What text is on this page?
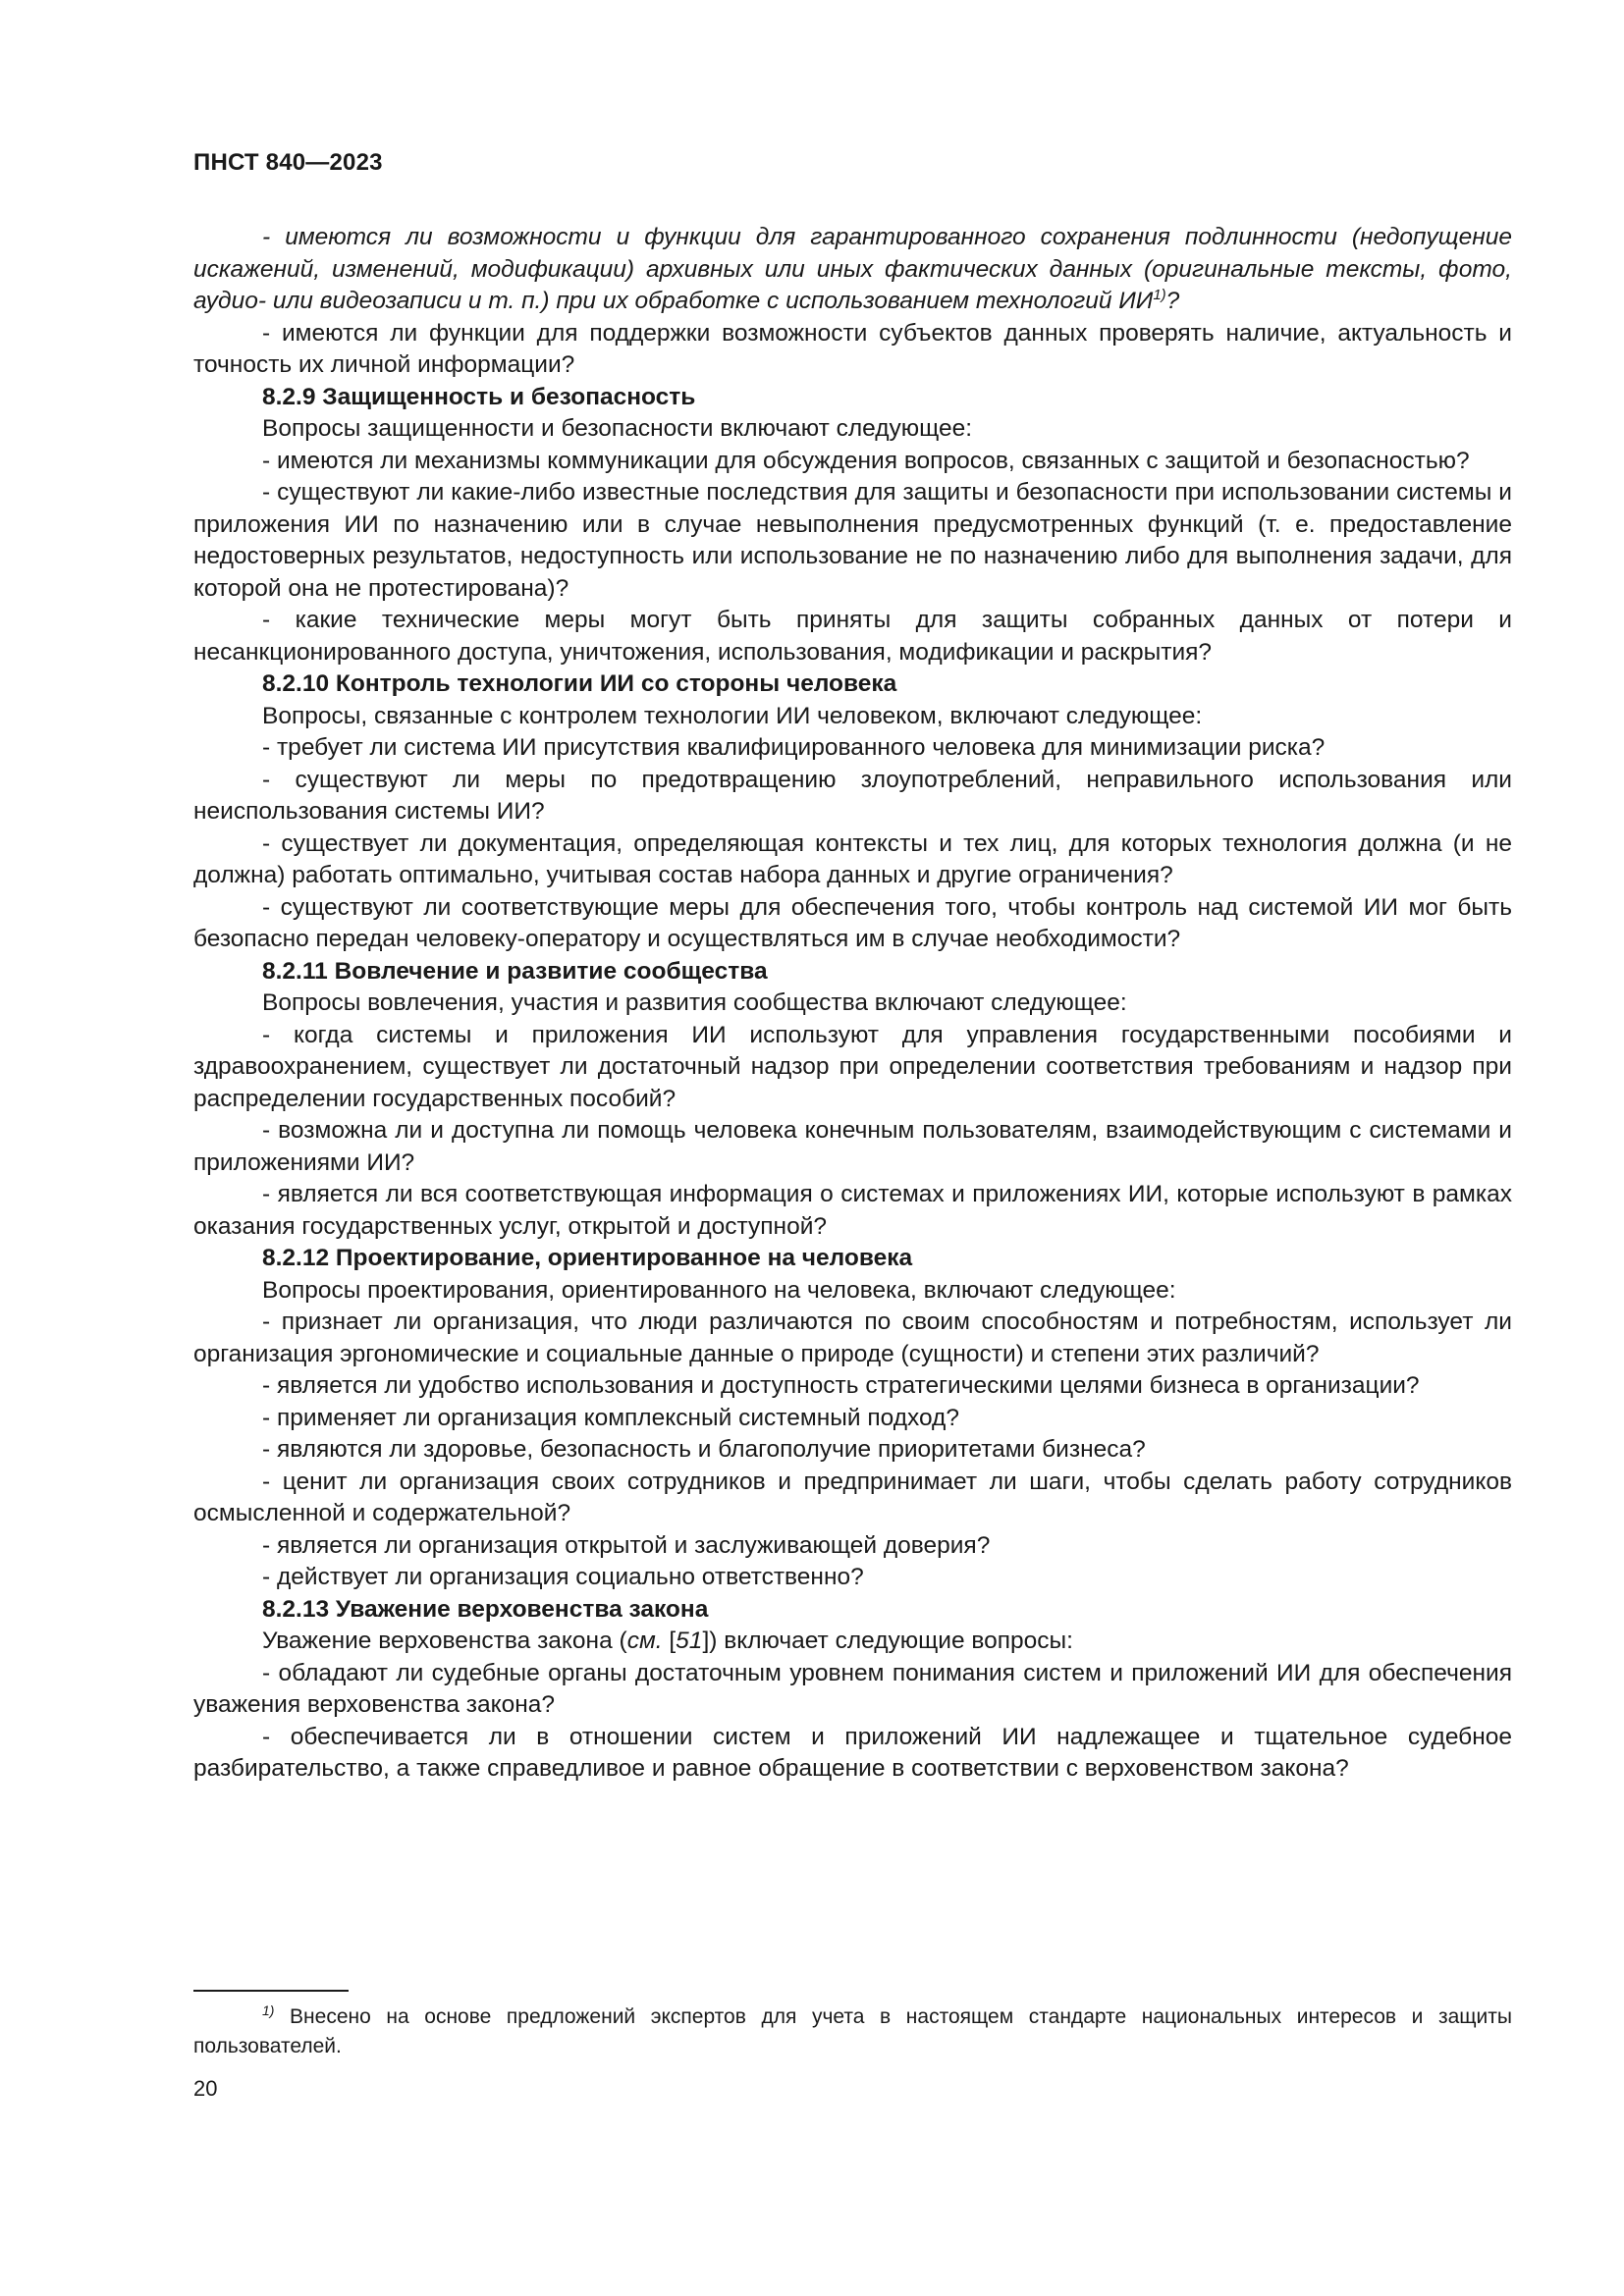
ПНСТ 840—2023

- имеются ли возможности и функции для гарантированного сохранения подлинности (недопущение искажений, изменений, модификации) архивных или иных фактических данных (оригинальные тексты, фото, аудио- или видеозаписи и т. п.) при их обработке с использованием технологий ИИ$^{1)}$?

- имеются ли функции для поддержки возможности субъектов данных проверять наличие, актуальность и точность их личной информации?

8.2.9 Защищенность и безопасность

Вопросы защищенности и безопасности включают следующее:

- имеются ли механизмы коммуникации для обсуждения вопросов, связанных с защитой и безопасностью?

- существуют ли какие-либо известные последствия для защиты и безопасности при использовании системы и приложения ИИ по назначению или в случае невыполнения предусмотренных функций (т. е. предоставление недостоверных результатов, недоступность или использование не по назначению либо для выполнения задачи, для которой она не протестирована)?

- какие технические меры могут быть приняты для защиты собранных данных от потери и несанкционированного доступа, уничтожения, использования, модификации и раскрытия?

8.2.10 Контроль технологии ИИ со стороны человека

Вопросы, связанные с контролем технологии ИИ человеком, включают следующее:

- требует ли система ИИ присутствия квалифицированного человека для минимизации риска?

- существуют ли меры по предотвращению злоупотреблений, неправильного использования или неиспользования системы ИИ?

- существует ли документация, определяющая контексты и тех лиц, для которых технология должна (и не должна) работать оптимально, учитывая состав набора данных и другие ограничения?

- существуют ли соответствующие меры для обеспечения того, чтобы контроль над системой ИИ мог быть безопасно передан человеку-оператору и осуществляться им в случае необходимости?

8.2.11 Вовлечение и развитие сообщества

Вопросы вовлечения, участия и развития сообщества включают следующее:

- когда системы и приложения ИИ используют для управления государственными пособиями и здравоохранением, существует ли достаточный надзор при определении соответствия требованиям и надзор при распределении государственных пособий?

- возможна ли и доступна ли помощь человека конечным пользователям, взаимодействующим с системами и приложениями ИИ?

- является ли вся соответствующая информация о системах и приложениях ИИ, которые используют в рамках оказания государственных услуг, открытой и доступной?

8.2.12 Проектирование, ориентированное на человека

Вопросы проектирования, ориентированного на человека, включают следующее:

- признает ли организация, что люди различаются по своим способностям и потребностям, использует ли организация эргономические и социальные данные о природе (сущности) и степени этих различий?

- является ли удобство использования и доступность стратегическими целями бизнеса в организации?

- применяет ли организация комплексный системный подход?

- являются ли здоровье, безопасность и благополучие приоритетами бизнеса?

- ценит ли организация своих сотрудников и предпринимает ли шаги, чтобы сделать работу сотрудников осмысленной и содержательной?

- является ли организация открытой и заслуживающей доверия?

- действует ли организация социально ответственно?

8.2.13 Уважение верховенства закона

Уважение верховенства закона (см. [51]) включает следующие вопросы:

- обладают ли судебные органы достаточным уровнем понимания систем и приложений ИИ для обеспечения уважения верховенства закона?

- обеспечивается ли в отношении систем и приложений ИИ надлежащее и тщательное судебное разбирательство, а также справедливое и равное обращение в соответствии с верховенством закона?

$^{1)}$ Внесено на основе предложений экспертов для учета в настоящем стандарте национальных интересов и защиты пользователей.

20
